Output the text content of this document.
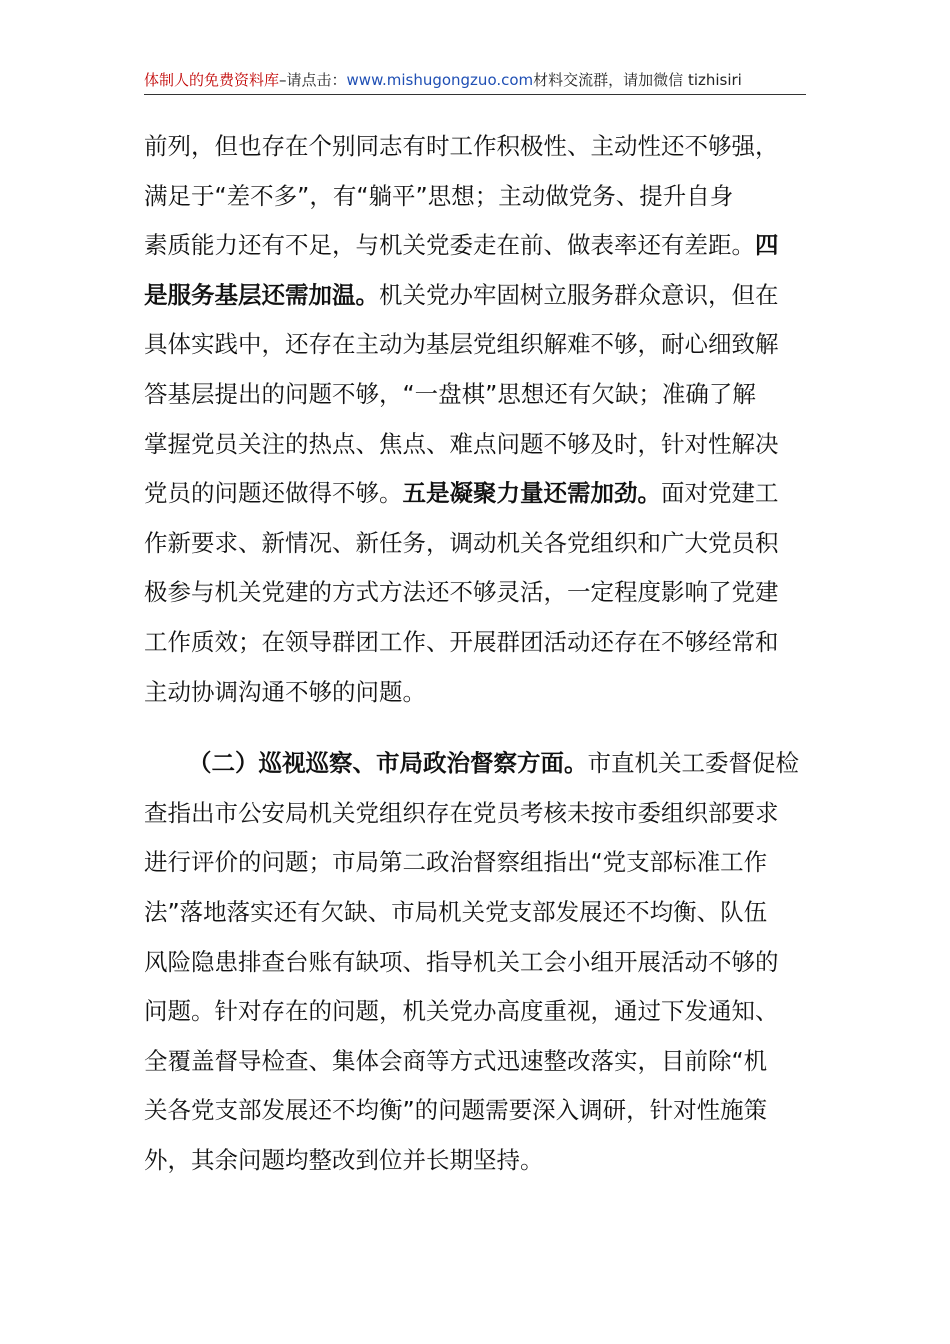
体制人的免费资料库–请点击：www.mishugongzuo.com材料交流群，请加微信 tizhisiri
前列，但也存在个别同志有时工作积极性、主动性还不够强，
满足于“差不多”，有“躺平”思想；主动做党务、提升自身
素质能力还有不足，与机关党委走在前、做表率还有差距。四
是服务基层还需加温。机关党办牢固树立服务群众意识，但在
具体实践中，还存在主动为基层党组织解难不够，耐心细致解
答基层提出的问题不够，“一盘棋”思想还有欠缺；准确了解
掌握党员关注的热点、焦点、难点问题不够及时，针对性解决
党员的问题还做得不够。五是凝聚力量还需加劲。面对党建工
作新要求、新情况、新任务，调动机关各党组织和广大党员积
极参与机关党建的方式方法还不够灵活，一定程度影响了党建
工作质效；在领导群团工作、开展群团活动还存在不够经常和
主动协调沟通不够的问题。
（二）巡视巡察、市局政治督察方面。市直机关工委督促检
查指出市公安局机关党组织存在党员考核未按市委组织部要求
进行评价的问题；市局第二政治督察组指出“党支部标准工作
法”落地落实还有欠缺、市局机关党支部发展还不均衡、队伍
风险隐患排查台账有缺项、指导机关工会小组开展活动不够的
问题。针对存在的问题，机关党办高度重视，通过下发通知、
全覆盖督导检查、集体会商等方式迅速整改落实，目前除“机
关各党支部发展还不均衡”的问题需要深入调研，针对性施策
外，其余问题均整改到位并长期坚持。
